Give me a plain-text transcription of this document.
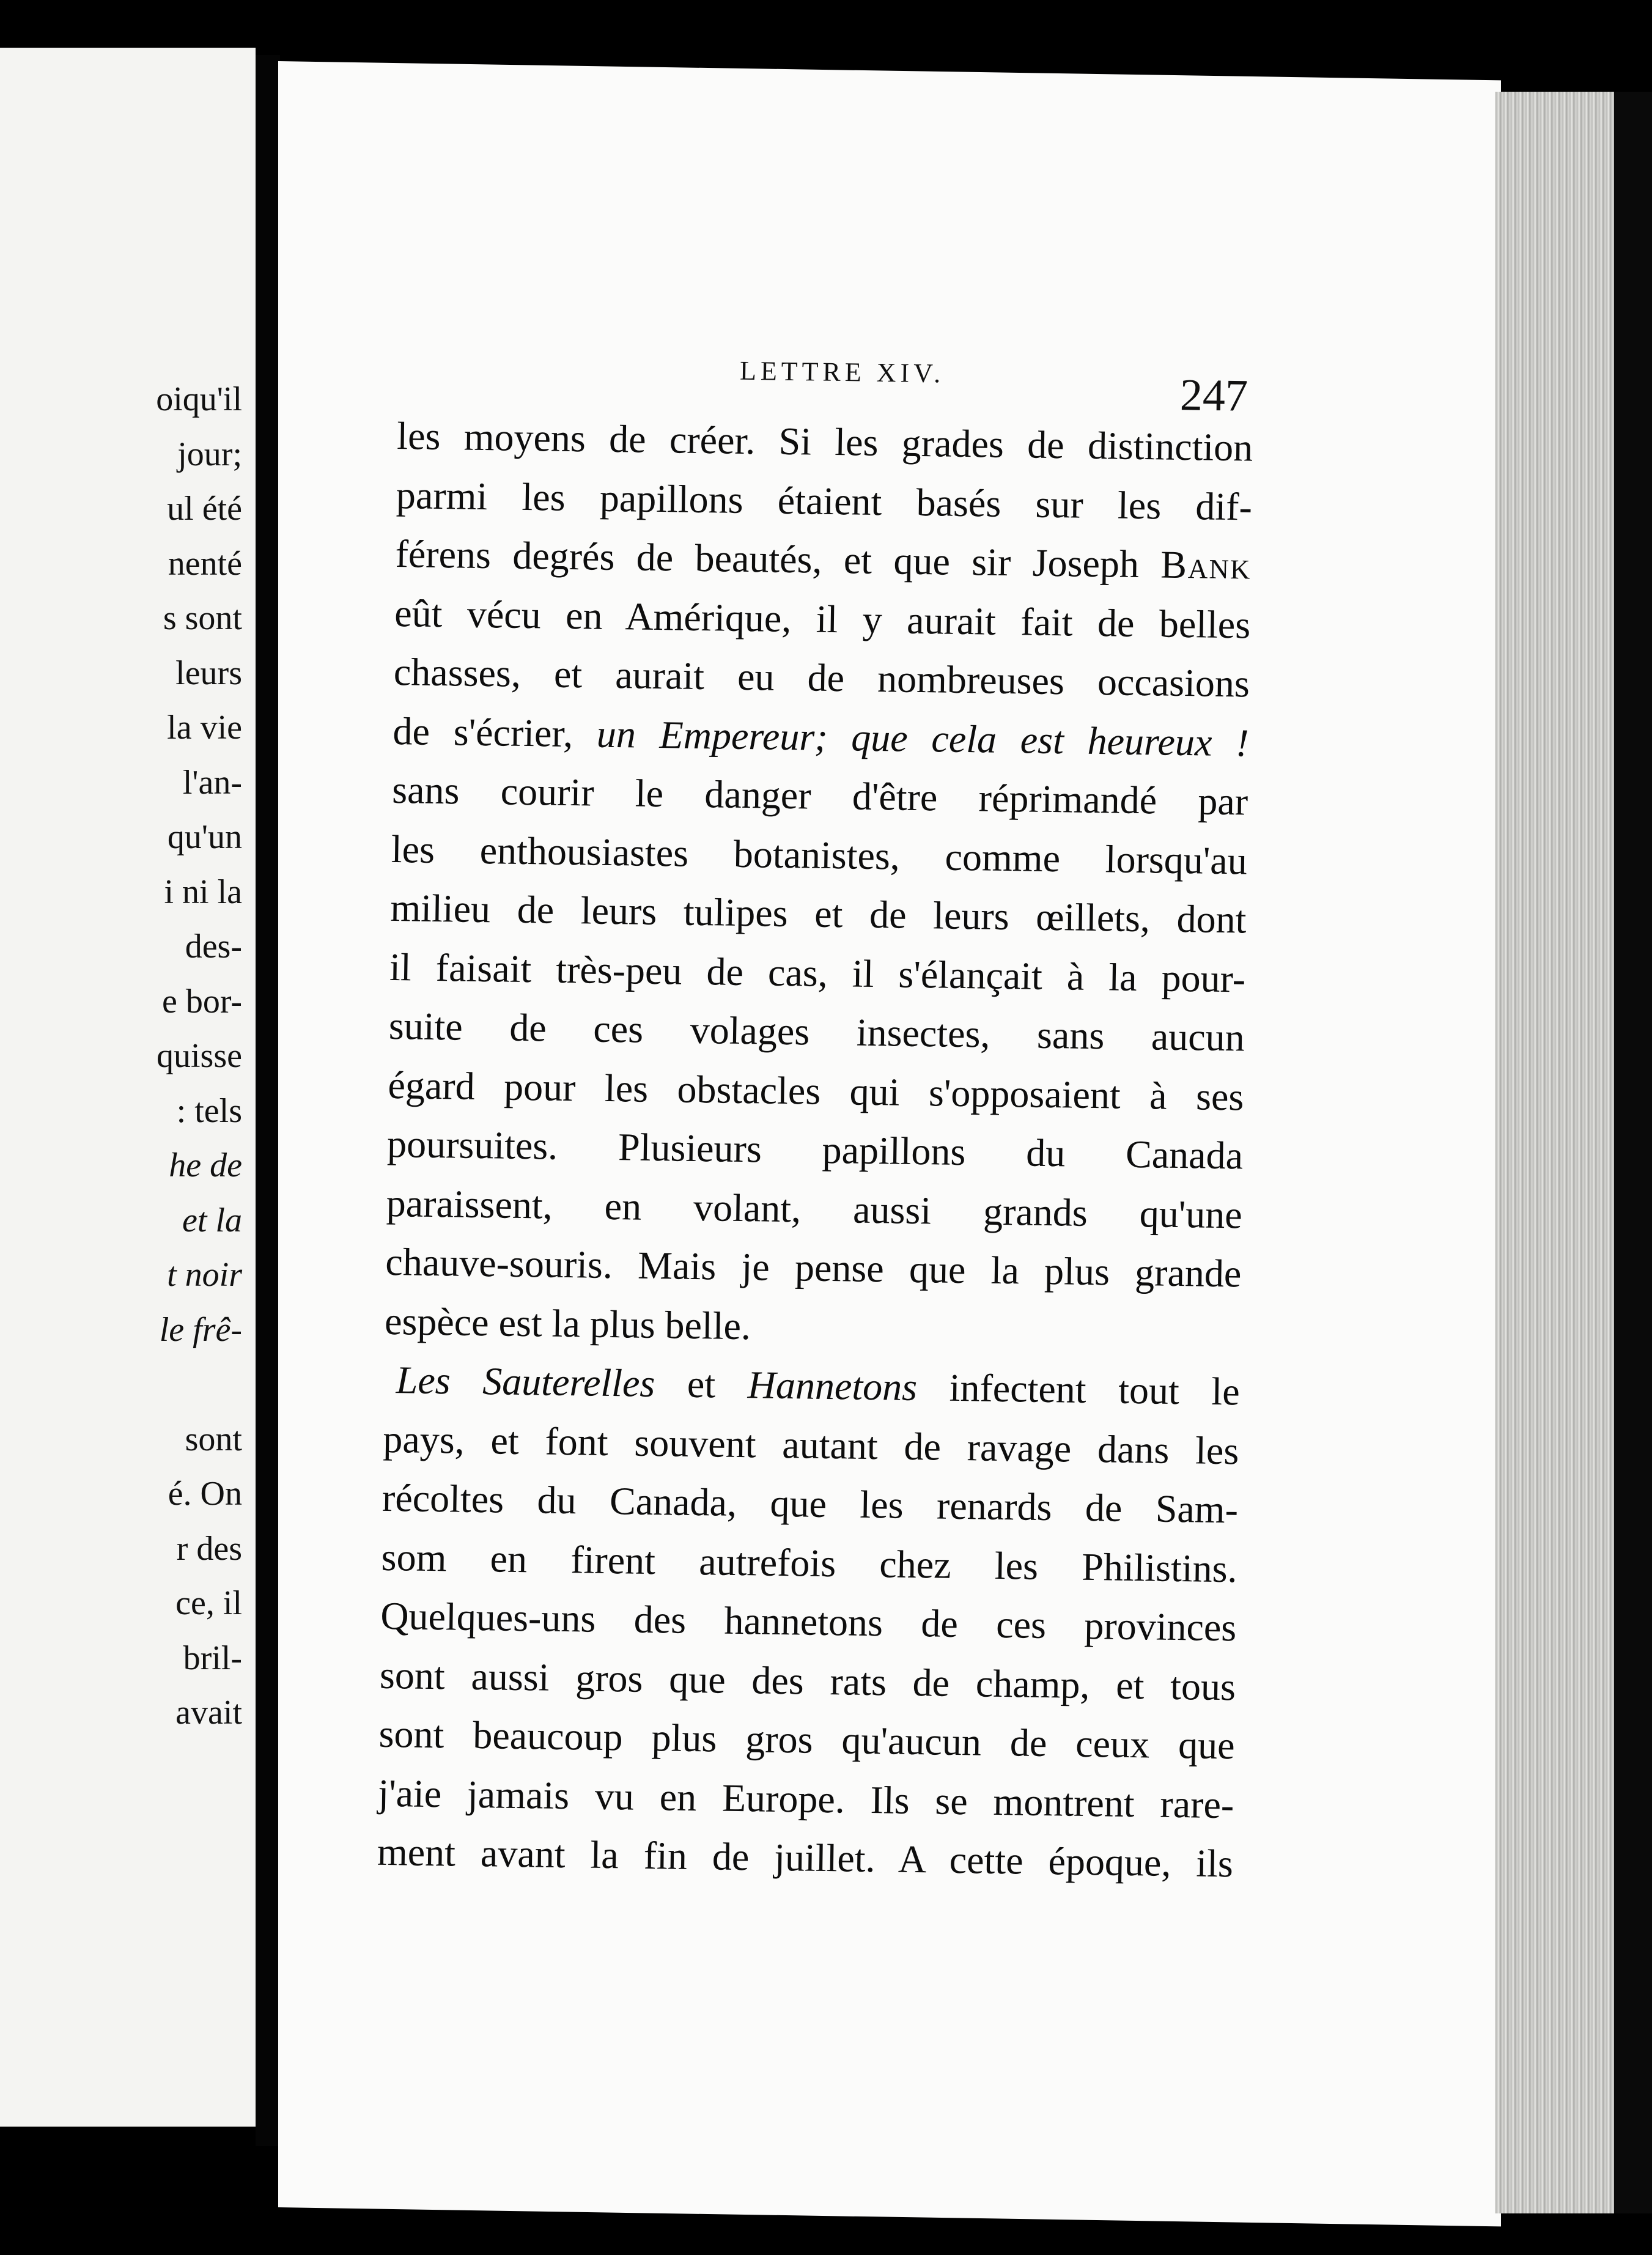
oiqu'il
jour;
ul été
nenté
s sont
leurs
la vie
l'an-
qu'un
i ni la
des-
e bor-
quisse
: tels
he de
et la
t noir
le frê-
sont
é. On
r des
ce, il
bril-
avait
LETTRE XIV.	247
les moyens de créer. Si les grades de distinction
parmi les papillons étaient basés sur les dif-
férens degrés de beautés, et que sir Joseph Bank
eût vécu en Amérique, il y aurait fait de belles
chasses, et aurait eu de nombreuses occasions
de s'écrier, un Empereur; que cela est heureux !
sans courir le danger d'être réprimandé par
les enthousiastes botanistes, comme lorsqu'au
milieu de leurs tulipes et de leurs œillets, dont
il faisait très-peu de cas, il s'élançait à la pour-
suite de ces volages insectes, sans aucun
égard pour les obstacles qui s'opposaient à ses
poursuites. Plusieurs papillons du Canada
paraissent, en volant, aussi grands qu'une
chauve-souris. Mais je pense que la plus grande
espèce est la plus belle.
Les Sauterelles et Hannetons infectent tout le
pays, et font souvent autant de ravage dans les
récoltes du Canada, que les renards de Sam-
som en firent autrefois chez les Philistins.
Quelques-uns des hannetons de ces provinces
sont aussi gros que des rats de champ, et tous
sont beaucoup plus gros qu'aucun de ceux que
j'aie jamais vu en Europe. Ils se montrent rare-
ment avant la fin de juillet. A cette époque, ils
